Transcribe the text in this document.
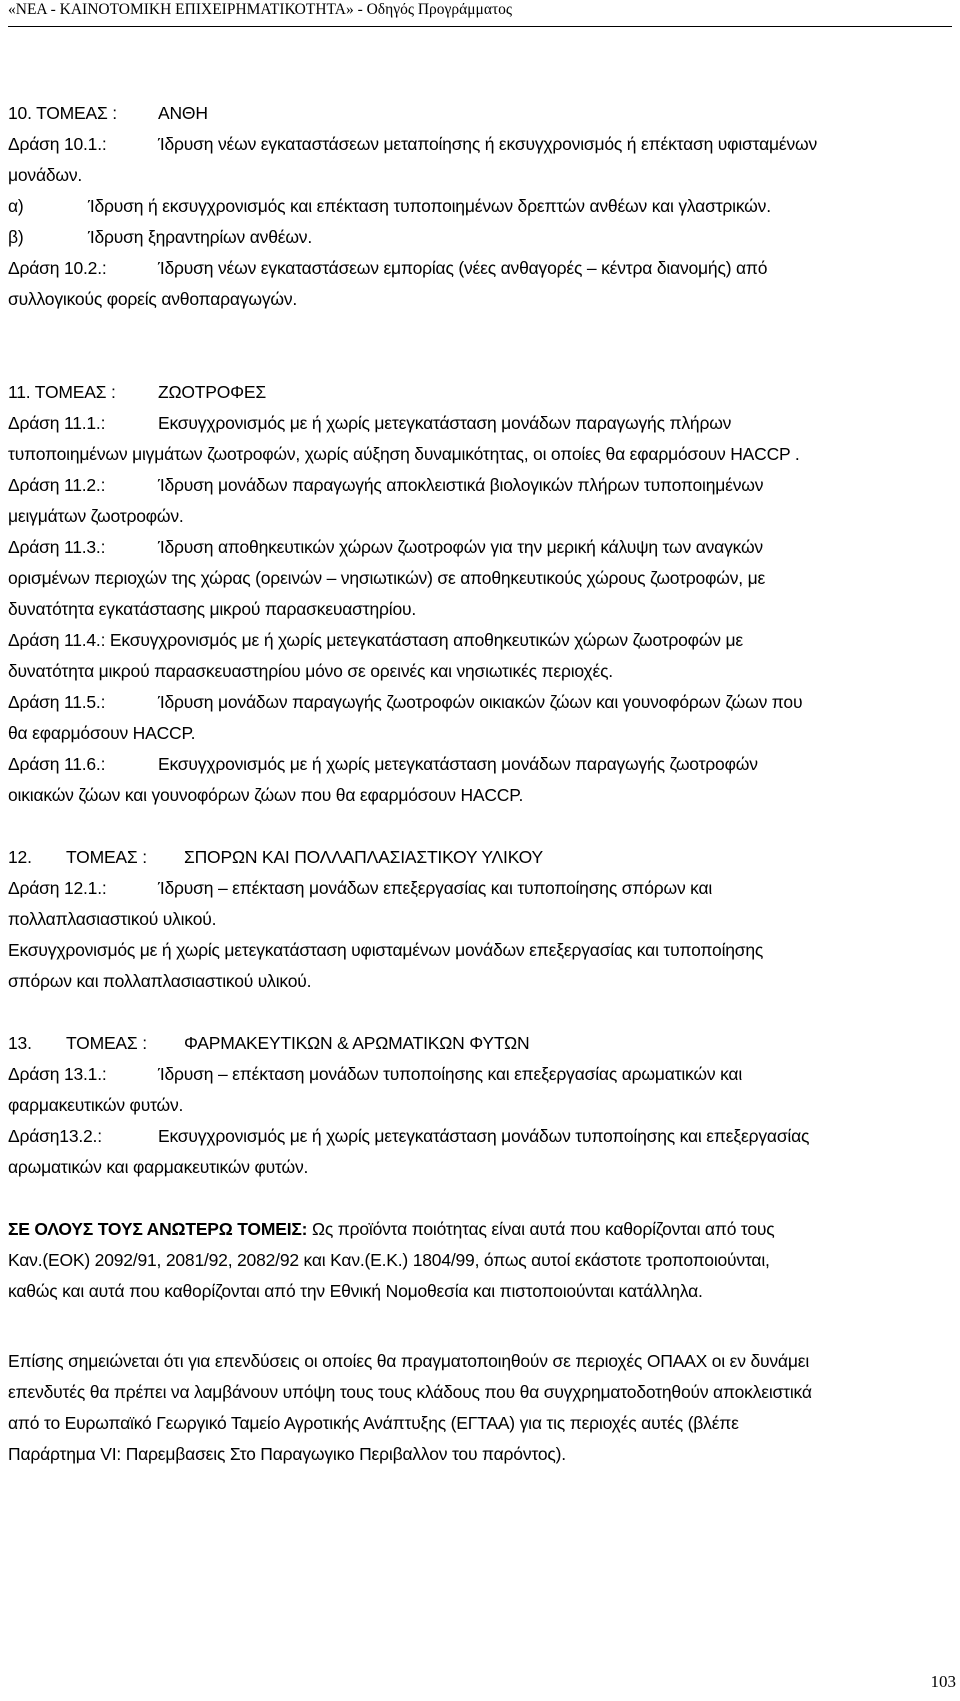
«ΝΕΑ - ΚΑΙΝΟΤΟΜΙΚΗ ΕΠΙΧΕΙΡΗΜΑΤΙΚΟΤΗΤΑ» - Οδηγός Προγράμματος
10. ΤΟΜΕΑΣ : ΑΝΘΗ
Δράση 10.1.:	Ίδρυση νέων εγκαταστάσεων μεταποίησης ή εκσυγχρονισμός ή επέκταση υφισταμένων
μονάδων.
α)	Ίδρυση ή εκσυγχρονισμός και επέκταση τυποποιημένων δρεπτών ανθέων και γλαστρικών.
β)	Ίδρυση ξηραντηρίων ανθέων.
Δράση 10.2.:	Ίδρυση νέων εγκαταστάσεων εμπορίας (νέες ανθαγορές – κέντρα διανομής) από
συλλογικούς φορείς ανθοπαραγωγών.
11. ΤΟΜΕΑΣ : ΖΩΟΤΡΟΦΕΣ
Δράση 11.1.:	Εκσυγχρονισμός με ή χωρίς μετεγκατάσταση μονάδων παραγωγής πλήρων
τυποποιημένων μιγμάτων ζωοτροφών, χωρίς αύξηση δυναμικότητας, οι οποίες θα εφαρμόσουν HACCP .
Δράση 11.2.:	Ίδρυση μονάδων παραγωγής αποκλειστικά βιολογικών πλήρων τυποποιημένων
μειγμάτων ζωοτροφών.
Δράση 11.3.:	Ίδρυση αποθηκευτικών χώρων ζωοτροφών για την μερική κάλυψη των αναγκών
ορισμένων περιοχών της χώρας (ορεινών – νησιωτικών) σε αποθηκευτικούς χώρους ζωοτροφών, με
δυνατότητα εγκατάστασης μικρού παρασκευαστηρίου.
Δράση 11.4.: Εκσυγχρονισμός με ή χωρίς μετεγκατάσταση αποθηκευτικών χώρων ζωοτροφών με
δυνατότητα μικρού παρασκευαστηρίου μόνο σε ορεινές και νησιωτικές περιοχές.
Δράση 11.5.:	Ίδρυση μονάδων παραγωγής ζωοτροφών οικιακών ζώων και γουνοφόρων ζώων που
θα εφαρμόσουν HACCP.
Δράση 11.6.:	Εκσυγχρονισμός με ή χωρίς μετεγκατάσταση μονάδων παραγωγής ζωοτροφών
οικιακών ζώων και γουνοφόρων ζώων που θα εφαρμόσουν HACCP.
12. ΤΟΜΕΑΣ : ΣΠΟΡΩΝ ΚΑΙ ΠΟΛΛΑΠΛΑΣΙΑΣΤΙΚΟΥ ΥΛΙΚΟΥ
Δράση 12.1.:	Ίδρυση – επέκταση μονάδων επεξεργασίας και τυποποίησης σπόρων και
πολλαπλασιαστικού υλικού.
Εκσυγχρονισμός με ή χωρίς μετεγκατάσταση υφισταμένων μονάδων επεξεργασίας και τυποποίησης
σπόρων και πολλαπλασιαστικού υλικού.
13. ΤΟΜΕΑΣ : ΦΑΡΜΑΚΕΥΤΙΚΩΝ & ΑΡΩΜΑΤΙΚΩΝ ΦΥΤΩΝ
Δράση 13.1.:	Ίδρυση – επέκταση μονάδων τυποποίησης και επεξεργασίας αρωματικών και
φαρμακευτικών φυτών.
Δράση13.2.:	Εκσυγχρονισμός με ή χωρίς μετεγκατάσταση μονάδων τυποποίησης και επεξεργασίας
αρωματικών και φαρμακευτικών φυτών.
ΣΕ ΟΛΟΥΣ ΤΟΥΣ ΑΝΩΤΕΡΩ ΤΟΜΕΙΣ: Ως προϊόντα ποιότητας είναι αυτά που καθορίζονται από τους
Καν.(ΕΟΚ) 2092/91, 2081/92, 2082/92 και Καν.(Ε.Κ.) 1804/99, όπως αυτοί εκάστοτε τροποποιούνται,
καθώς και αυτά που καθορίζονται από την Εθνική Νομοθεσία και πιστοποιούνται κατάλληλα.
Επίσης σημειώνεται ότι για επενδύσεις οι οποίες θα πραγματοποιηθούν σε περιοχές ΟΠΑΑΧ οι εν δυνάμει
επενδυτές θα πρέπει να λαμβάνουν υπόψη τους τους κλάδους που θα συγχρηματοδοτηθούν αποκλειστικά
από το Ευρωπαϊκό Γεωργικό Ταμείο Αγροτικής Ανάπτυξης (ΕΓΤΑΑ) για τις περιοχές αυτές (βλέπε
Παράρτημα VI: Παρεμβασεις Στο Παραγωγικο Περιβαλλον του παρόντος).
103
